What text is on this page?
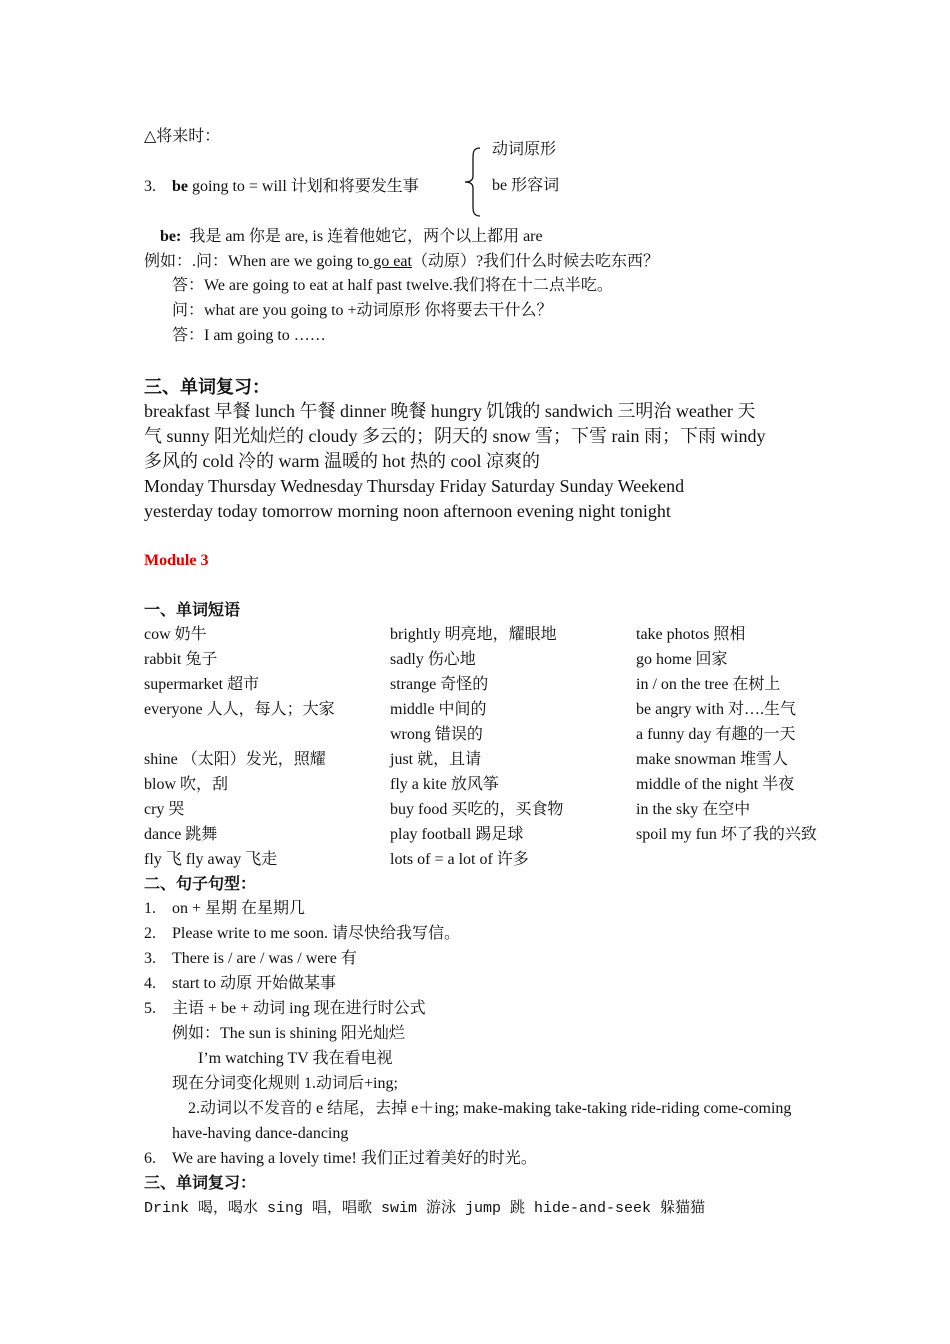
△将来时：
3. be going to = will 计划和将要发生事
动词原形
be 形容词
be: 我是 am 你是 are, is 连着他她它，两个以上都用 are
例如：.问：When are we going to go eat（动原）?我们什么时候去吃东西？
答：We are going to eat at half past twelve.我们将在十二点半吃。
问：what are you going to +动词原形 你将要去干什么？
答：I am going to ……
三、单词复习：
breakfast 早餐 lunch 午餐 dinner 晚餐 hungry 饥饿的 sandwich 三明治 weather 天
气 sunny 阳光灿烂的 cloudy 多云的；阴天的 snow 雪；下雪 rain 雨；下雨 windy
多风的 cold 冷的 warm 温暖的 hot 热的 cool 凉爽的
Monday Thursday Wednesday Thursday Friday Saturday Sunday Weekend
yesterday today tomorrow morning noon afternoon evening night tonight
Module 3
一、单词短语
cow 奶牛
rabbit 兔子
supermarket 超市
everyone 人人，每人；大家
shine （太阳）发光，照耀
blow 吹，刮
cry 哭
dance 跳舞
fly 飞 fly away 飞走
brightly 明亮地，耀眼地
sadly 伤心地
strange 奇怪的
middle 中间的
wrong 错误的
just 就，且请
fly a kite 放风筝
buy food 买吃的，买食物
play football 踢足球
lots of = a lot of 许多
take photos 照相
go home 回家
in / on the tree 在树上
be angry with 对….生气
a funny day 有趣的一天
make snowman 堆雪人
middle of the night 半夜
in the sky 在空中
spoil my fun 坏了我的兴致
二、句子句型：
1. on + 星期 在星期几
2. Please write to me soon. 请尽快给我写信。
3. There is / are / was / were 有
4. start to 动原 开始做某事
5. 主语 + be + 动词 ing 现在进行时公式
例如：The sun is shining 阳光灿烂
I’m watching TV 我在看电视
现在分词变化规则 1.动词后+ing;
2.动词以不发音的 e 结尾，去掉 e＋ing; make-making take-taking ride-riding come-coming
have-having dance-dancing
6. We are having a lovely time! 我们正过着美好的时光。
三、单词复习：
Drink 喝，喝水 sing 唱，唱歌 swim 游泳 jump 跳 hide-and-seek 躲猫猫
